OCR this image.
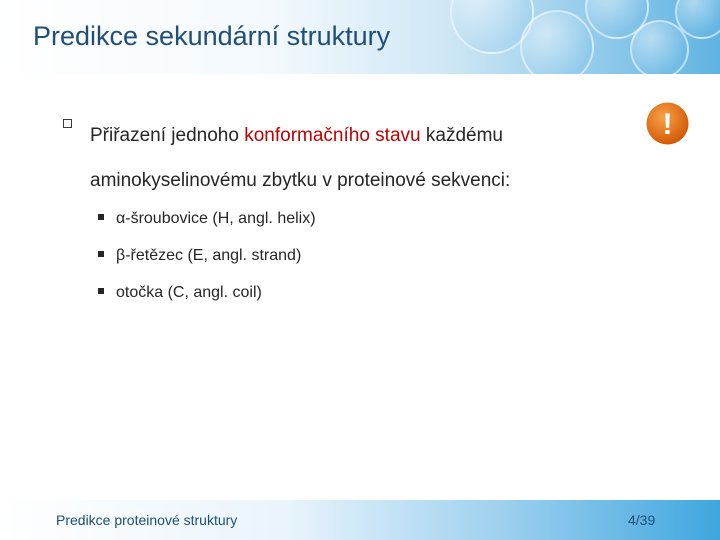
Predikce sekundární struktury
Přiřazení jednoho konformačního stavu každému aminokyselinovému zbytku v proteinové sekvenci:
!
α-šroubovice (H, angl. helix)
β-řetězec (E, angl. strand)
otočka (C, angl. coil)
Predikce proteinové struktury	4/39
